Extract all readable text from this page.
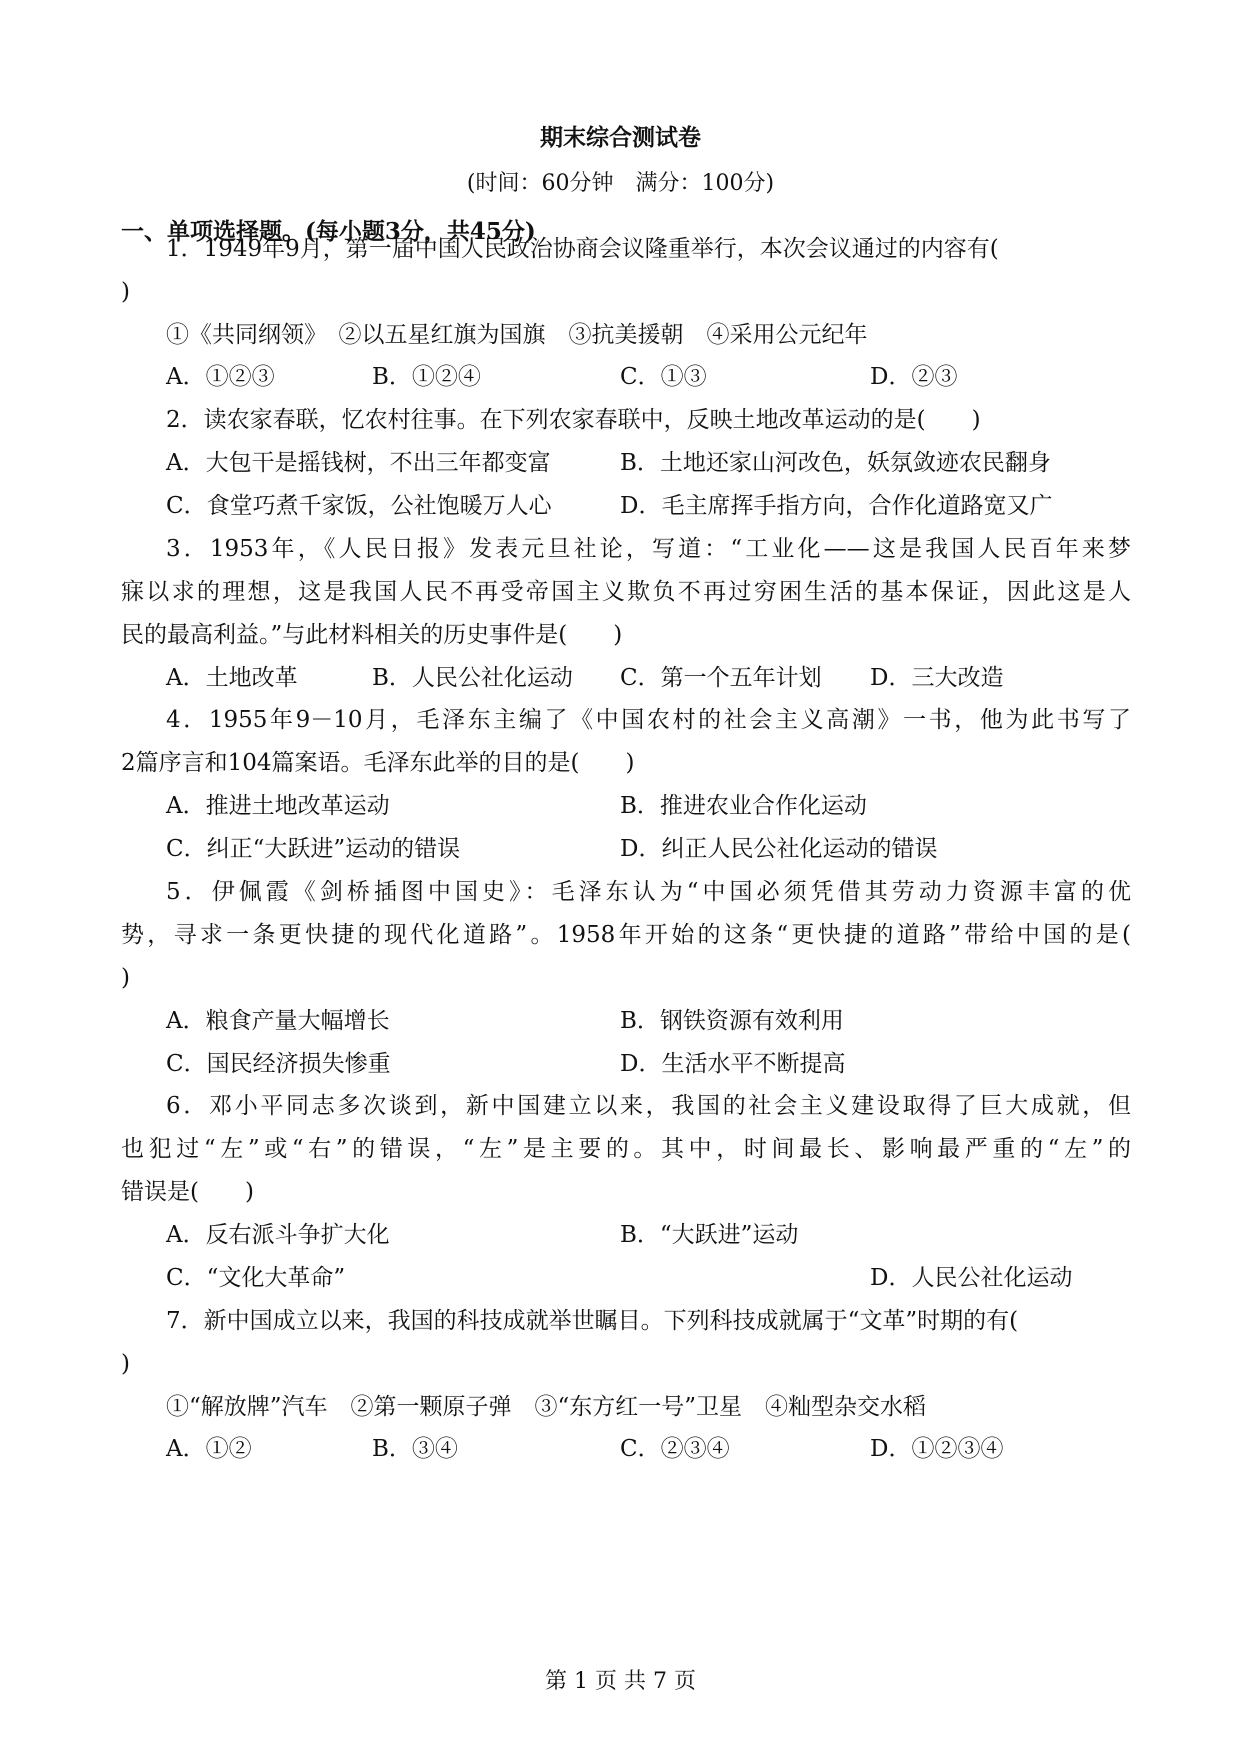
期末综合测试卷
(时间：60分钟　满分：100分)
一、单项选择题。(每小题3分，共45分)
1．1949年9月，第一届中国人民政治协商会议隆重举行，本次会议通过的内容有(
)
①《共同纲领》　②以五星红旗为国旗　③抗美援朝　④采用公元纪年
A．①②③	B．①②④	C．①③	D．②③
2．读农家春联，忆农村往事。在下列农家春联中，反映土地改革运动的是(　　)
A．大包干是摇钱树，不出三年都变富	B．土地还家山河改色，妖氛敛迹农民翻身
C．食堂巧煮千家饭，公社饱暖万人心	D．毛主席挥手指方向，合作化道路宽又广
3．1953年，《人民日报》发表元旦社论，写道：“工业化——这是我国人民百年来梦
寐以求的理想，这是我国人民不再受帝国主义欺负不再过穷困生活的基本保证，因此这是人
民的最高利益。”与此材料相关的历史事件是(　　)
A．土地改革	B．人民公社化运动 C．第一个五年计划 D．三大改造
4．1955年9－10月，毛泽东主编了《中国农村的社会主义高潮》一书，他为此书写了
2篇序言和104篇案语。毛泽东此举的目的是(　　)
A．推进土地改革运动	B．推进农业合作化运动
C．纠正“大跃进”运动的错误	D．纠正人民公社化运动的错误
5．伊佩霞《剑桥插图中国史》：毛泽东认为“中国必须凭借其劳动力资源丰富的优
势，寻求一条更快捷的现代化道路”。1958年开始的这条“更快捷的道路”带给中国的是(
)
A．粮食产量大幅增长	B．钢铁资源有效利用
C．国民经济损失惨重	D．生活水平不断提高
6．邓小平同志多次谈到，新中国建立以来，我国的社会主义建设取得了巨大成就，但
也犯过“左”或“右”的错误，“左”是主要的。其中，时间最长、影响最严重的“左”的
错误是(　　)
A．反右派斗争扩大化	B．“大跃进”运动
C．“文化大革命”	D．人民公社化运动
7．新中国成立以来，我国的科技成就举世瞩目。下列科技成就属于“文革”时期的有(
)
①“解放牌”汽车　②第一颗原子弹　③“东方红一号”卫星　④籼型杂交水稻
A．①②	B．③④	C．②③④	D．①②③④
第 1 页 共 7 页
